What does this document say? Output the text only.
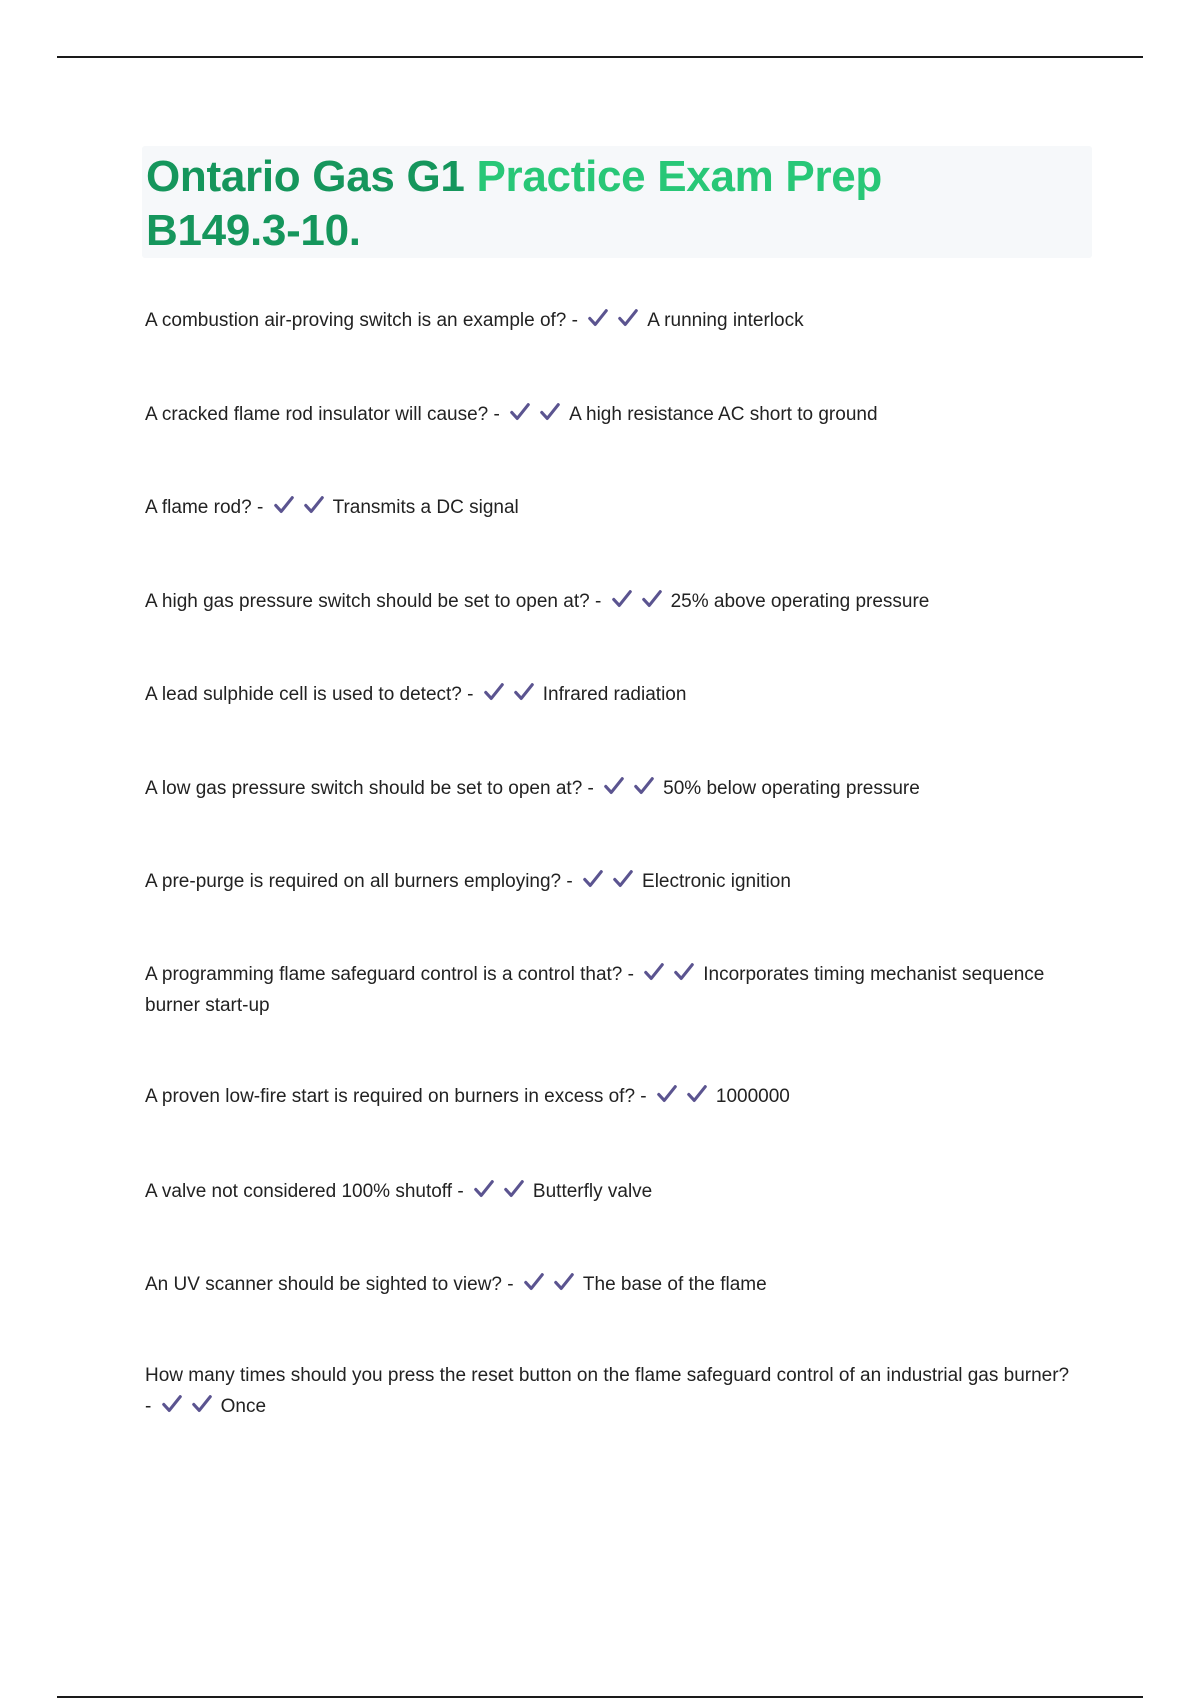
Ontario Gas G1 Practice Exam Prep
B149.3-10.
A combustion air-proving switch is an example of? -	A running interlock
A cracked flame rod insulator will cause? -	A high resistance AC short to ground
A flame rod? -	Transmits a DC signal
A high gas pressure switch should be set to open at? -	25% above operating pressure
A lead sulphide cell is used to detect? -	Infrared radiation
A low gas pressure switch should be set to open at? -	50% below operating pressure
A pre-purge is required on all burners employing? -	Electronic ignition
A programming flame safeguard control is a control that? -	Incorporates timing mechanist sequence burner start-up
A proven low-fire start is required on burners in excess of? -	1000000
A valve not considered 100% shutoff -	Butterfly valve
An UV scanner should be sighted to view? -	The base of the flame
How many times should you press the reset button on the flame safeguard control of an industrial gas burner? -	Once
